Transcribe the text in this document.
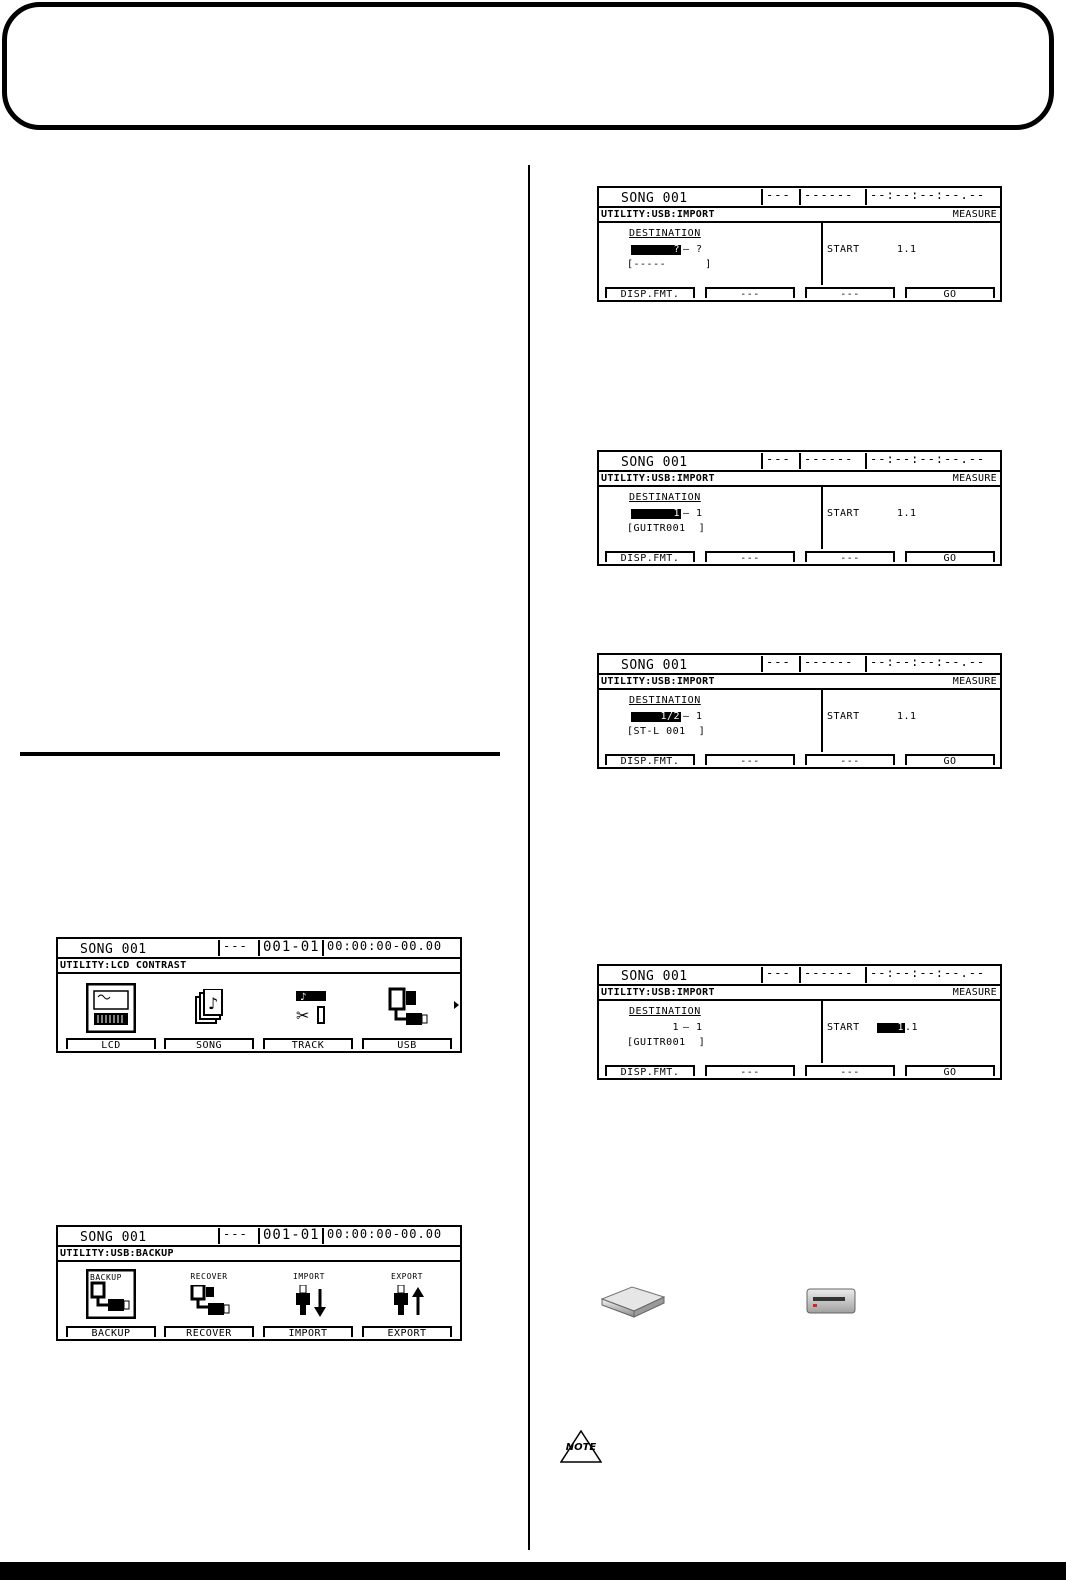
SONG 001	---	001-01 00:00:00-00.00
UTILITY:LCD CONTRAST
♪	♪
✂
LCD	SONG	TRACK	USB
SONG 001	---	001-01 00:00:00-00.00
UTILITY:USB:BACKUP
BACKUP	RECOVER	IMPORT	EXPORT
BACKUP	RECOVER	IMPORT	EXPORT
SONG 001	---	------	--:--:--:--.--
UTILITY:USB:IMPORT	MEASURE
DESTINATION
? – ?
[-----      ]
START	1.1
DISP.FMT.	---	---	GO
SONG 001	---	------	--:--:--:--.--
UTILITY:USB:IMPORT	MEASURE
DESTINATION
1 – 1
[GUITR001  ]
START	1.1
DISP.FMT.	---	---	GO
SONG 001	---	------	--:--:--:--.--
UTILITY:USB:IMPORT	MEASURE
DESTINATION
1/2 – 1
[ST-L 001  ]
START	1.1
DISP.FMT.	---	---	GO
SONG 001	---	------	--:--:--:--.--
UTILITY:USB:IMPORT	MEASURE
DESTINATION
1 – 1
[GUITR001  ]
START	1 .1
DISP.FMT.	---	---	GO
NOTE
